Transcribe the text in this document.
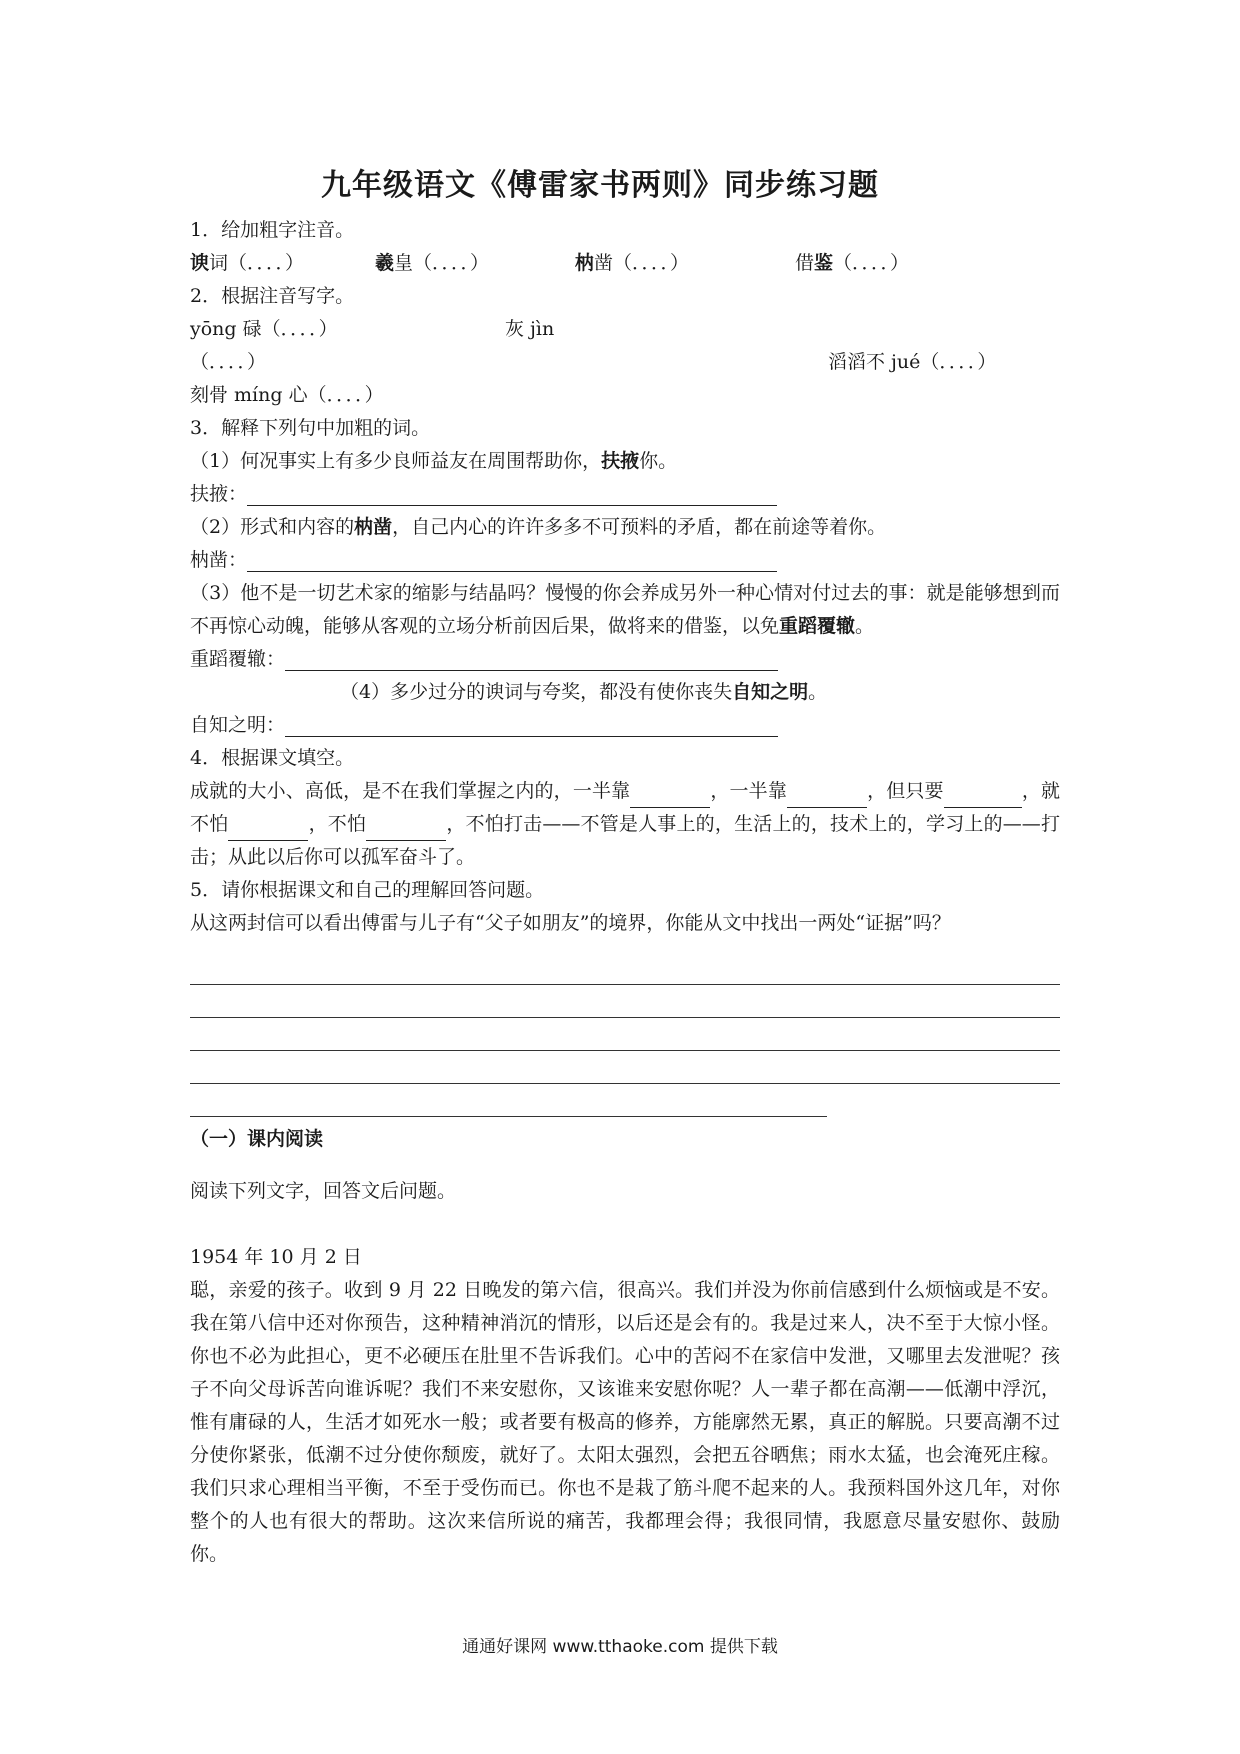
九年级语文《傅雷家书两则》同步练习题

1．给加粗字注音。

谀词（．．．．）	羲皇（．．．．）	枘凿（．．．．）	借鉴（．．．．）

2．根据注音写字。

yōng 碌（．．．．）	灰 jìn
（．．．．）	滔滔不 jué（．．．．）

刻骨 míng 心（．．．．）

3．解释下列句中加粗的词。

（1）何况事实上有多少良师益友在周围帮助你，扶掖你。

扶掖：

（2）形式和内容的枘凿，自己内心的许许多多不可预料的矛盾，都在前途等着你。

枘凿：

（3）他不是一切艺术家的缩影与结晶吗？慢慢的你会养成另外一种心情对付过去的事：就是能够想到而不再惊心动魄，能够从客观的立场分析前因后果，做将来的借鉴，以免重蹈覆辙。

重蹈覆辙：

（4）多少过分的谀词与夸奖，都没有使你丧失自知之明。

自知之明：

4．根据课文填空。

成就的大小、高低，是不在我们掌握之内的，一半靠	，一半靠	，但只要	，就不怕	，不怕	，不怕打击——不管是人事上的，生活上的，技术上的，学习上的——打击；从此以后你可以孤军奋斗了。

5．请你根据课文和自己的理解回答问题。

从这两封信可以看出傅雷与儿子有“父子如朋友”的境界，你能从文中找出一两处“证据”吗？

（一）课内阅读

阅读下列文字，回答文后问题。

1954 年 10 月 2 日

聪，亲爱的孩子。收到 9 月 22 日晚发的第六信，很高兴。我们并没为你前信感到什么烦恼或是不安。我在第八信中还对你预告，这种精神消沉的情形，以后还是会有的。我是过来人，决不至于大惊小怪。你也不必为此担心，更不必硬压在肚里不告诉我们。心中的苦闷不在家信中发泄，又哪里去发泄呢？孩子不向父母诉苦向谁诉呢？我们不来安慰你，又该谁来安慰你呢？人一辈子都在高潮——低潮中浮沉，惟有庸碌的人，生活才如死水一般；或者要有极高的修养，方能廓然无累，真正的解脱。只要高潮不过分使你紧张，低潮不过分使你颓废，就好了。太阳太强烈，会把五谷晒焦；雨水太猛，也会淹死庄稼。我们只求心理相当平衡，不至于受伤而已。你也不是栽了筋斗爬不起来的人。我预料国外这几年，对你整个的人也有很大的帮助。这次来信所说的痛苦，我都理会得；我很同情，我愿意尽量安慰你、鼓励你。

通通好课网 www.tthaoke.com 提供下载
